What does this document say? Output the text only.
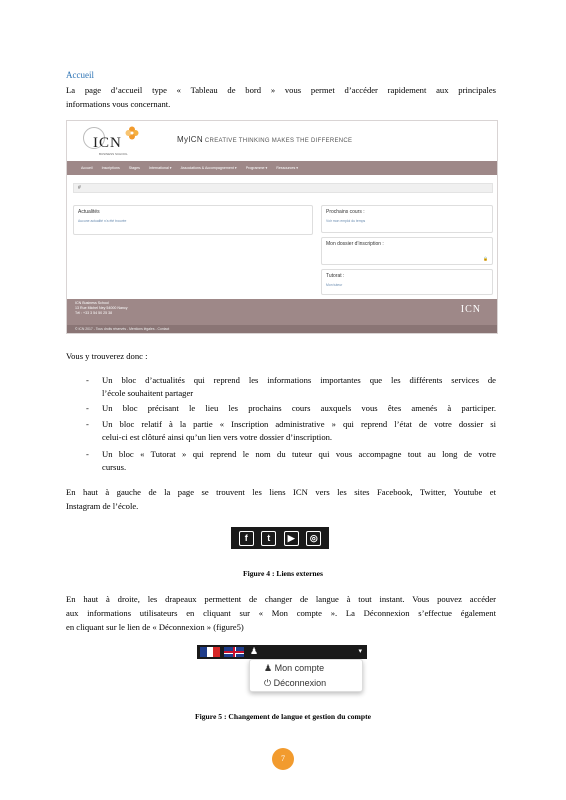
Accueil
La page d’accueil type « Tableau de bord » vous permet d’accéder rapidement aux principales
informations vous concernant.
ICN
BUSINESS SCHOOL
MyICN CREATIVE THINKING MAKES THE DIFFERENCE
Accueil	Inscriptions	Stages	International ▾	Associations & Accompagnement ▾	Programme ▾	Ressources ▾
#
Actualités
Aucune actualité n’a été trouvée
Prochains cours :
Voir mon emploi du temps
Mon dossier d’inscription :
🔒
Tutorat :
Mon tuteur
ICN Business School
13 Rue Michel Ney 54000 Nancy
Tél : +33 3 54 50 25 38	ICN
© ICN 2017 - Tous droits réservés - Mentions légales - Contact
Vous y trouverez donc :
- Un bloc d’actualités qui reprend les informations importantes que les différents services de
l’école souhaitent partager
- Un bloc précisant le lieu les prochains cours auxquels vous êtes amenés à participer.
- Un bloc relatif à la partie « Inscription administrative » qui reprend l’état de votre dossier si
celui-ci est clôturé ainsi qu’un lien vers votre dossier d’inscription.
- Un bloc « Tutorat » qui reprend le nom du tuteur qui vous accompagne tout au long de votre
cursus.
En haut à gauche de la page se trouvent les liens ICN vers les sites Facebook, Twitter, Youtube et
Instagram de l’école.
f	t	▶	◎
Figure 4 : Liens externes
En haut à droite, les drapeaux permettent de changer de langue à tout instant. Vous pouvez accéder
aux informations utilisateurs en cliquant sur « Mon compte ». La Déconnexion s’effectue également
en cliquant sur le lien de « Déconnexion » (figure5)
♟	▾
♟ Mon compte
⏻ Déconnexion
Figure 5 : Changement de langue et gestion du compte
7
